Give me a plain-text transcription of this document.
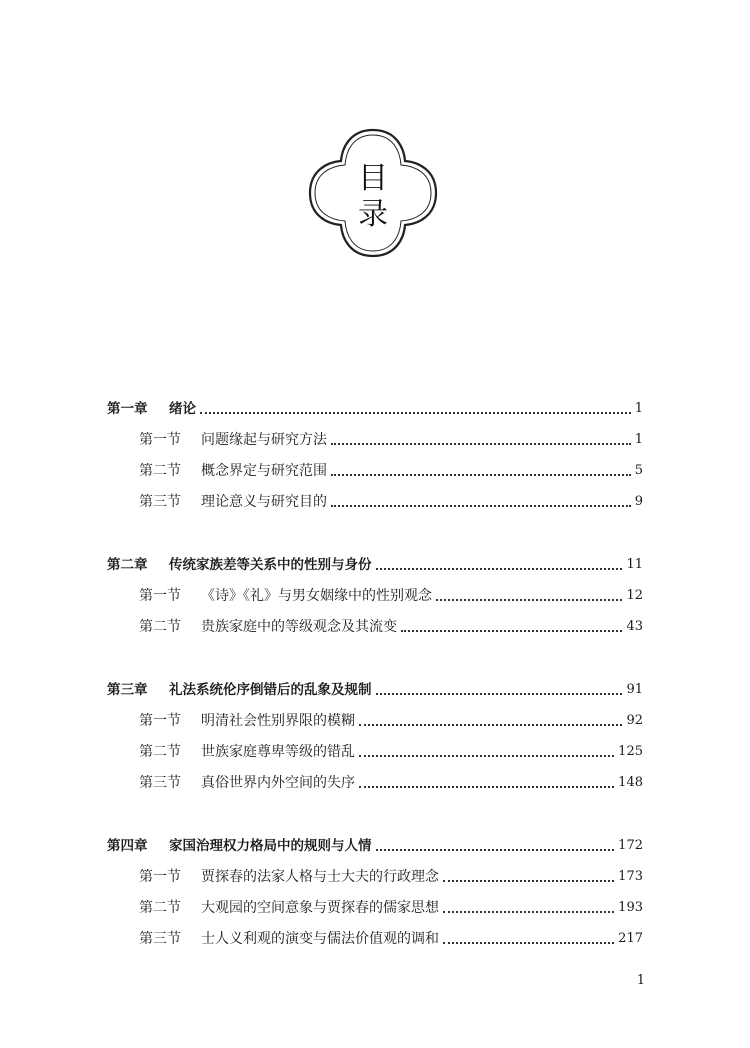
目
录
第一章	绪论	1
第一节	问题缘起与研究方法	1
第二节	概念界定与研究范围	5
第三节	理论意义与研究目的	9
第二章	传统家族差等关系中的性别与身份	11
第一节	《诗》《礼》与男女姻缘中的性别观念	12
第二节	贵族家庭中的等级观念及其流变	43
第三章	礼法系统伦序倒错后的乱象及规制	91
第一节	明清社会性别界限的模糊	92
第二节	世族家庭尊卑等级的错乱	125
第三节	真俗世界内外空间的失序	148
第四章	家国治理权力格局中的规则与人情	172
第一节	贾探春的法家人格与士大夫的行政理念	173
第二节	大观园的空间意象与贾探春的儒家思想	193
第三节	士人义利观的演变与儒法价值观的调和	217
1
